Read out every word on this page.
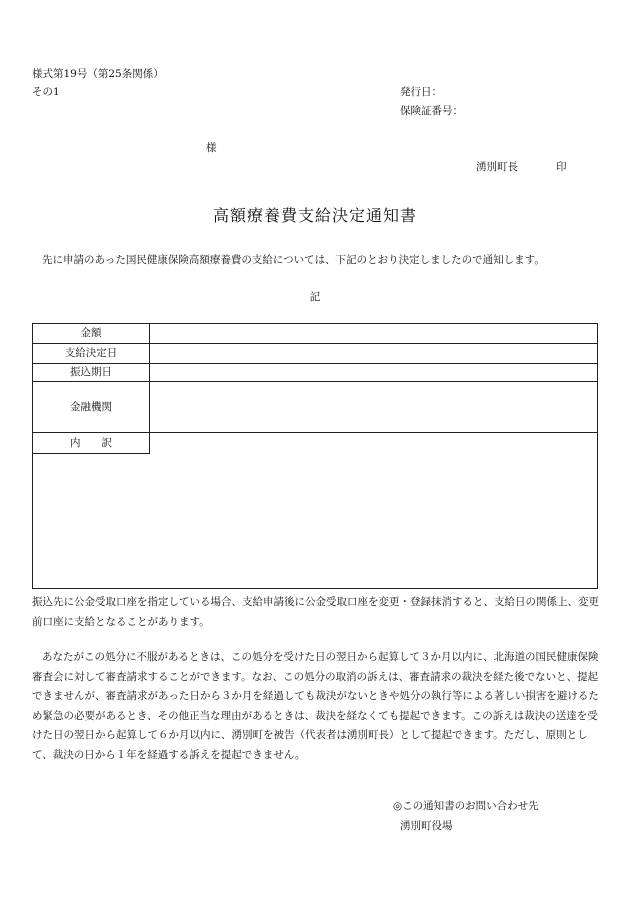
様式第19号（第25条関係）
その1	発行日：
保険証番号：
様
湧別町長	印
高額療養費支給決定通知書
先に申請のあった国民健康保険高額療養費の支給については、下記のとおり決定しましたので通知します。
記
金額
支給決定日
振込期日
金融機関
内　　訳
振込先に公金受取口座を指定している場合、支給申請後に公金受取口座を変更・登録抹消すると、支給日の関係上、変更前口座に支給となることがあります。
あなたがこの処分に不服があるときは、この処分を受けた日の翌日から起算して３か月以内に、北海道の国民健康保険審査会に対して審査請求することができます。なお、この処分の取消の訴えは、審査請求の裁決を経た後でないと、提起できませんが、審査請求があった日から３か月を経過しても裁決がないときや処分の執行等による著しい損害を避けるため緊急の必要があるとき、その他正当な理由があるときは、裁決を経なくても提起できます。この訴えは裁決の送達を受けた日の翌日から起算して６か月以内に、湧別町を被告（代表者は湧別町長）として提起できます。ただし、原則として、裁決の日から１年を経過する訴えを提起できません。
◎この通知書のお問い合わせ先
湧別町役場
